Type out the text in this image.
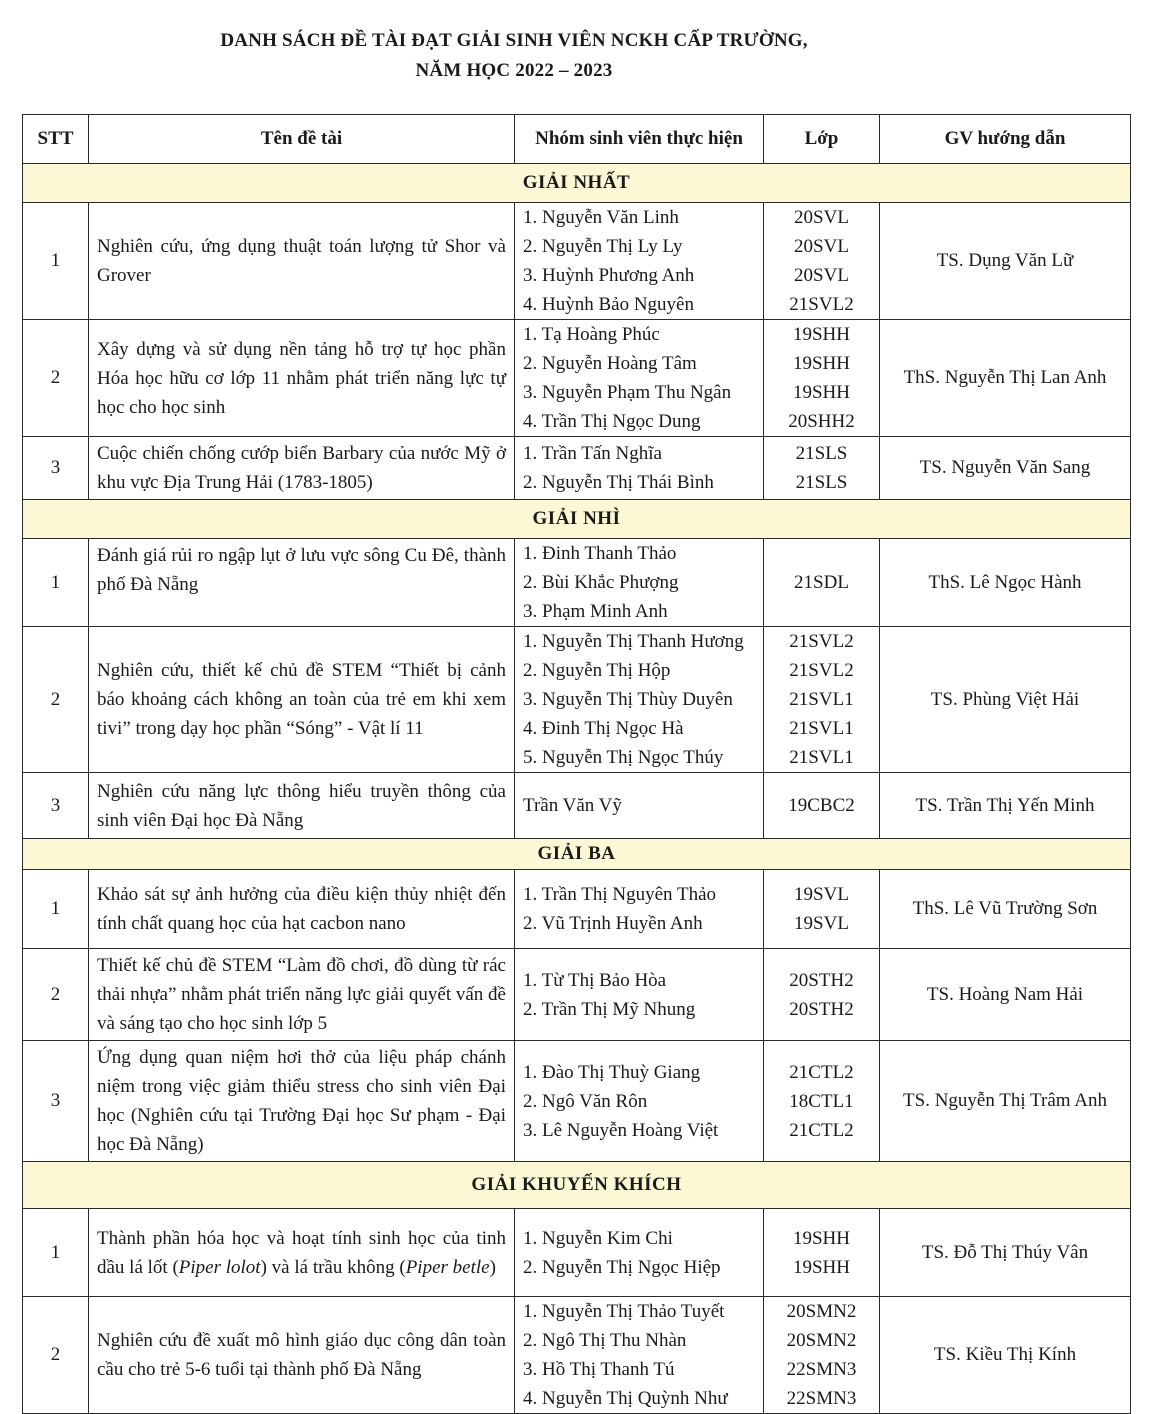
DANH SÁCH ĐỀ TÀI ĐẠT GIẢI SINH VIÊN NCKH CẤP TRƯỜNG,
NĂM HỌC 2022 – 2023
STT	Tên đề tài	Nhóm sinh viên thực hiện	Lớp	GV hướng dẫn
GIẢI NHẤT				
1	Nghiên cứu, ứng dụng thuật toán lượng tử Shor và Grover	1. Nguyễn Văn Linh
2. Nguyễn Thị Ly Ly
3. Huỳnh Phương Anh
4. Huỳnh Bảo Nguyên	20SVL
20SVL
20SVL
21SVL2	TS. Dụng Văn Lữ
2	Xây dựng và sử dụng nền tảng hỗ trợ tự học phần Hóa học hữu cơ lớp 11 nhằm phát triển năng lực tự học cho học sinh	1. Tạ Hoàng Phúc
2. Nguyễn Hoàng Tâm
3. Nguyễn Phạm Thu Ngân
4. Trần Thị Ngọc Dung	19SHH
19SHH
19SHH
20SHH2	ThS. Nguyễn Thị Lan Anh
3	Cuộc chiến chống cướp biển Barbary của nước Mỹ ở khu vực Địa Trung Hải (1783-1805)	1. Trần Tấn Nghĩa
2. Nguyễn Thị Thái Bình	21SLS
21SLS	TS. Nguyễn Văn Sang
GIẢI NHÌ				
1	Đánh giá rủi ro ngập lụt ở lưu vực sông Cu Đê, thành phố Đà Nẵng	1. Đinh Thanh Thảo
2. Bùi Khắc Phượng
3. Phạm Minh Anh	21SDL	ThS. Lê Ngọc Hành
2	Nghiên cứu, thiết kế chủ đề STEM “Thiết bị cảnh báo khoảng cách không an toàn của trẻ em khi xem tivi” trong dạy học phần “Sóng” - Vật lí 11	1. Nguyễn Thị Thanh Hương
2. Nguyễn Thị Hộp
3. Nguyễn Thị Thùy Duyên
4. Đinh Thị Ngọc Hà
5. Nguyễn Thị Ngọc Thúy	21SVL2
21SVL2
21SVL1
21SVL1
21SVL1	TS. Phùng Việt Hải
3	Nghiên cứu năng lực thông hiểu truyền thông của sinh viên Đại học Đà Nẵng	Trần Văn Vỹ	19CBC2	TS. Trần Thị Yến Minh
GIẢI BA				
1	Khảo sát sự ảnh hưởng của điều kiện thủy nhiệt đến tính chất quang học của hạt cacbon nano	1. Trần Thị Nguyên Thảo
2. Vũ Trịnh Huyền Anh	19SVL
19SVL	ThS. Lê Vũ Trường Sơn
2	Thiết kế chủ đề STEM “Làm đồ chơi, đồ dùng từ rác thải nhựa” nhằm phát triển năng lực giải quyết vấn đề và sáng tạo cho học sinh lớp 5	1. Từ Thị Bảo Hòa
2. Trần Thị Mỹ Nhung	20STH2
20STH2	TS. Hoàng Nam Hải
3	Ứng dụng quan niệm hơi thở của liệu pháp chánh niệm trong việc giảm thiểu stress cho sinh viên Đại học (Nghiên cứu tại Trường Đại học Sư phạm - Đại học Đà Nẵng)	1. Đào Thị Thuỳ Giang
2. Ngô Văn Rôn
3. Lê Nguyễn Hoàng Việt	21CTL2
18CTL1
21CTL2	TS. Nguyễn Thị Trâm Anh
GIẢI KHUYẾN KHÍCH				
1	Thành phần hóa học và hoạt tính sinh học của tinh dầu lá lốt (Piper lolot) và lá trầu không (Piper betle)	1. Nguyễn Kim Chi
2. Nguyễn Thị Ngọc Hiệp	19SHH
19SHH	TS. Đỗ Thị Thúy Vân
2	Nghiên cứu đề xuất mô hình giáo dục công dân toàn cầu cho trẻ 5-6 tuổi tại thành phố Đà Nẵng	1. Nguyễn Thị Thảo Tuyết
2. Ngô Thị Thu Nhàn
3. Hồ Thị Thanh Tú
4. Nguyễn Thị Quỳnh Như	20SMN2
20SMN2
22SMN3
22SMN3	TS. Kiều Thị Kính
